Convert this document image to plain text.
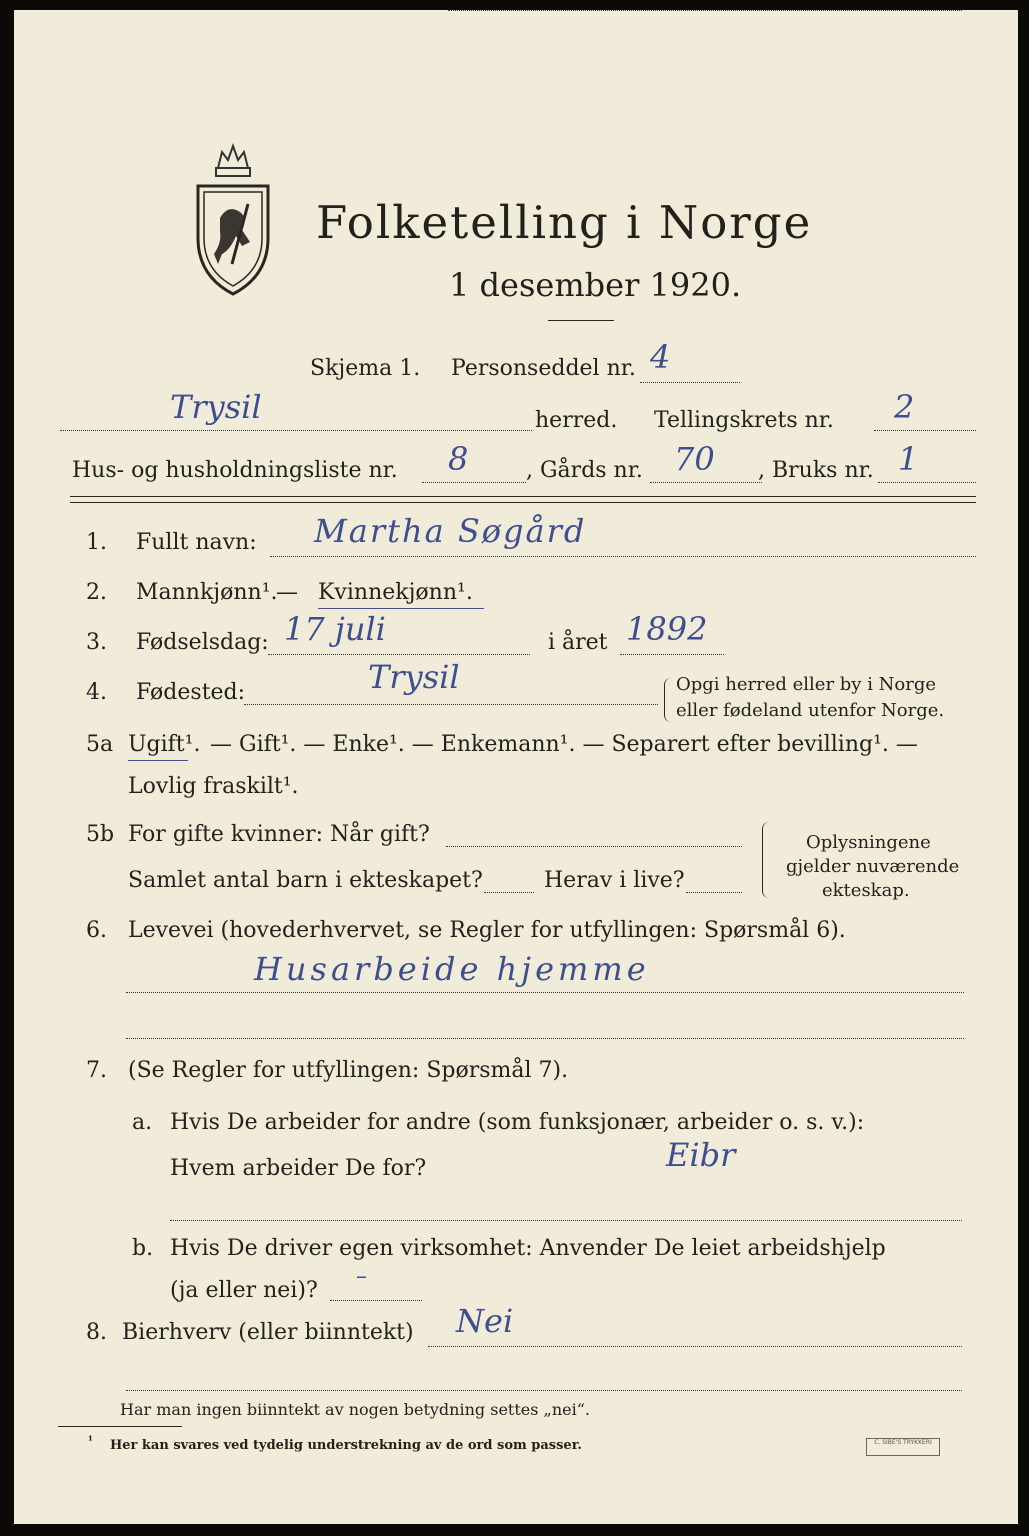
Folketelling i Norge
1 desember 1920.
Skjema 1. Personseddel nr. 4
Trysil	herred. Tellingskrets nr. 2
Hus- og husholdningsliste nr. 8	, Gårds nr. 70 , Bruks nr. 1
1. Fullt navn: Martha Søgård
2. Mannkjønn¹.
— Kvinnekjønn¹.
3. Fødselsdag: 17 juli	i året 1892
4. Fødested:	Trysil	Opgi herred eller by i Norge
eller fødeland utenfor Norge.
5a Ugift¹. — Gift¹. — Enke¹. — Enkemann¹. — Separert efter bevilling¹. —
Lovlig fraskilt¹.
5b For gifte kvinner: Når gift?
Samlet antal barn i ekteskapet?	Herav i live?
Oplysningene
gjelder nuværende
ekteskap.
6. Levevei (hovederhvervet, se Regler for utfyllingen: Spørsmål 6).
Husarbeide hjemme
7. (Se Regler for utfyllingen: Spørsmål 7).
a. Hvis De arbeider for andre (som funksjonær, arbeider o. s. v.):
Hvem arbeider De for?	Eibr
b. Hvis De driver egen virksomhet: Anvender De leiet arbeidshjelp
(ja eller nei)?
–
8. Bierhverv (eller biinntekt) Nei
Har man ingen biinntekt av nogen betydning settes „nei“.
¹ Her kan svares ved tydelig understrekning av de ord som passer.	C. SIBE'S TRYKKERI
